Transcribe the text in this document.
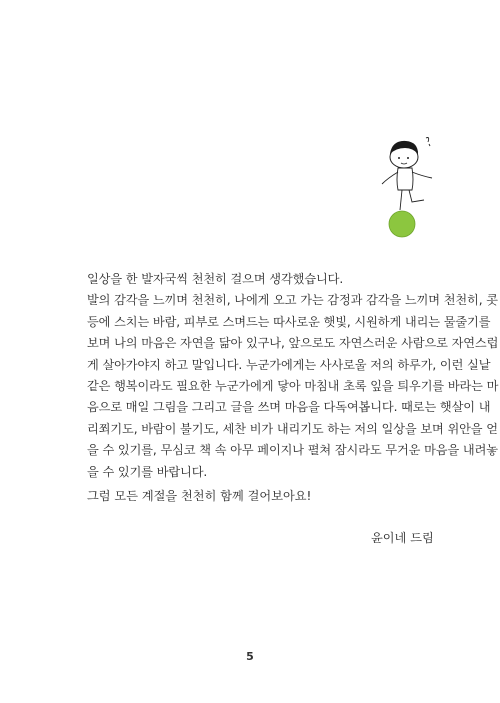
일상을 한 발자국씩 천천히 걸으며 생각했습니다.
발의 감각을 느끼며 천천히, 나에게 오고 가는 감정과 감각을 느끼며 천천히, 콧
등에 스치는 바람, 피부로 스며드는 따사로운 햇빛, 시원하게 내리는 물줄기를
보며 나의 마음은 자연을 닮아 있구나, 앞으로도 자연스러운 사람으로 자연스럽
게 살아가야지 하고 말입니다. 누군가에게는 사사로울 저의 하루가, 이런 실낱
같은 행복이라도 필요한 누군가에게 닿아 마침내 초록 잎을 틔우기를 바라는 마
음으로 매일 그림을 그리고 글을 쓰며 마음을 다독여봅니다. 때로는 햇살이 내
리쬐기도, 바람이 불기도, 세찬 비가 내리기도 하는 저의 일상을 보며 위안을 얻
을 수 있기를, 무심코 책 속 아무 페이지나 펼쳐 잠시라도 무거운 마음을 내려놓
을 수 있기를 바랍니다.
그럼 모든 계절을 천천히 함께 걸어보아요!
윤이네 드림
5
